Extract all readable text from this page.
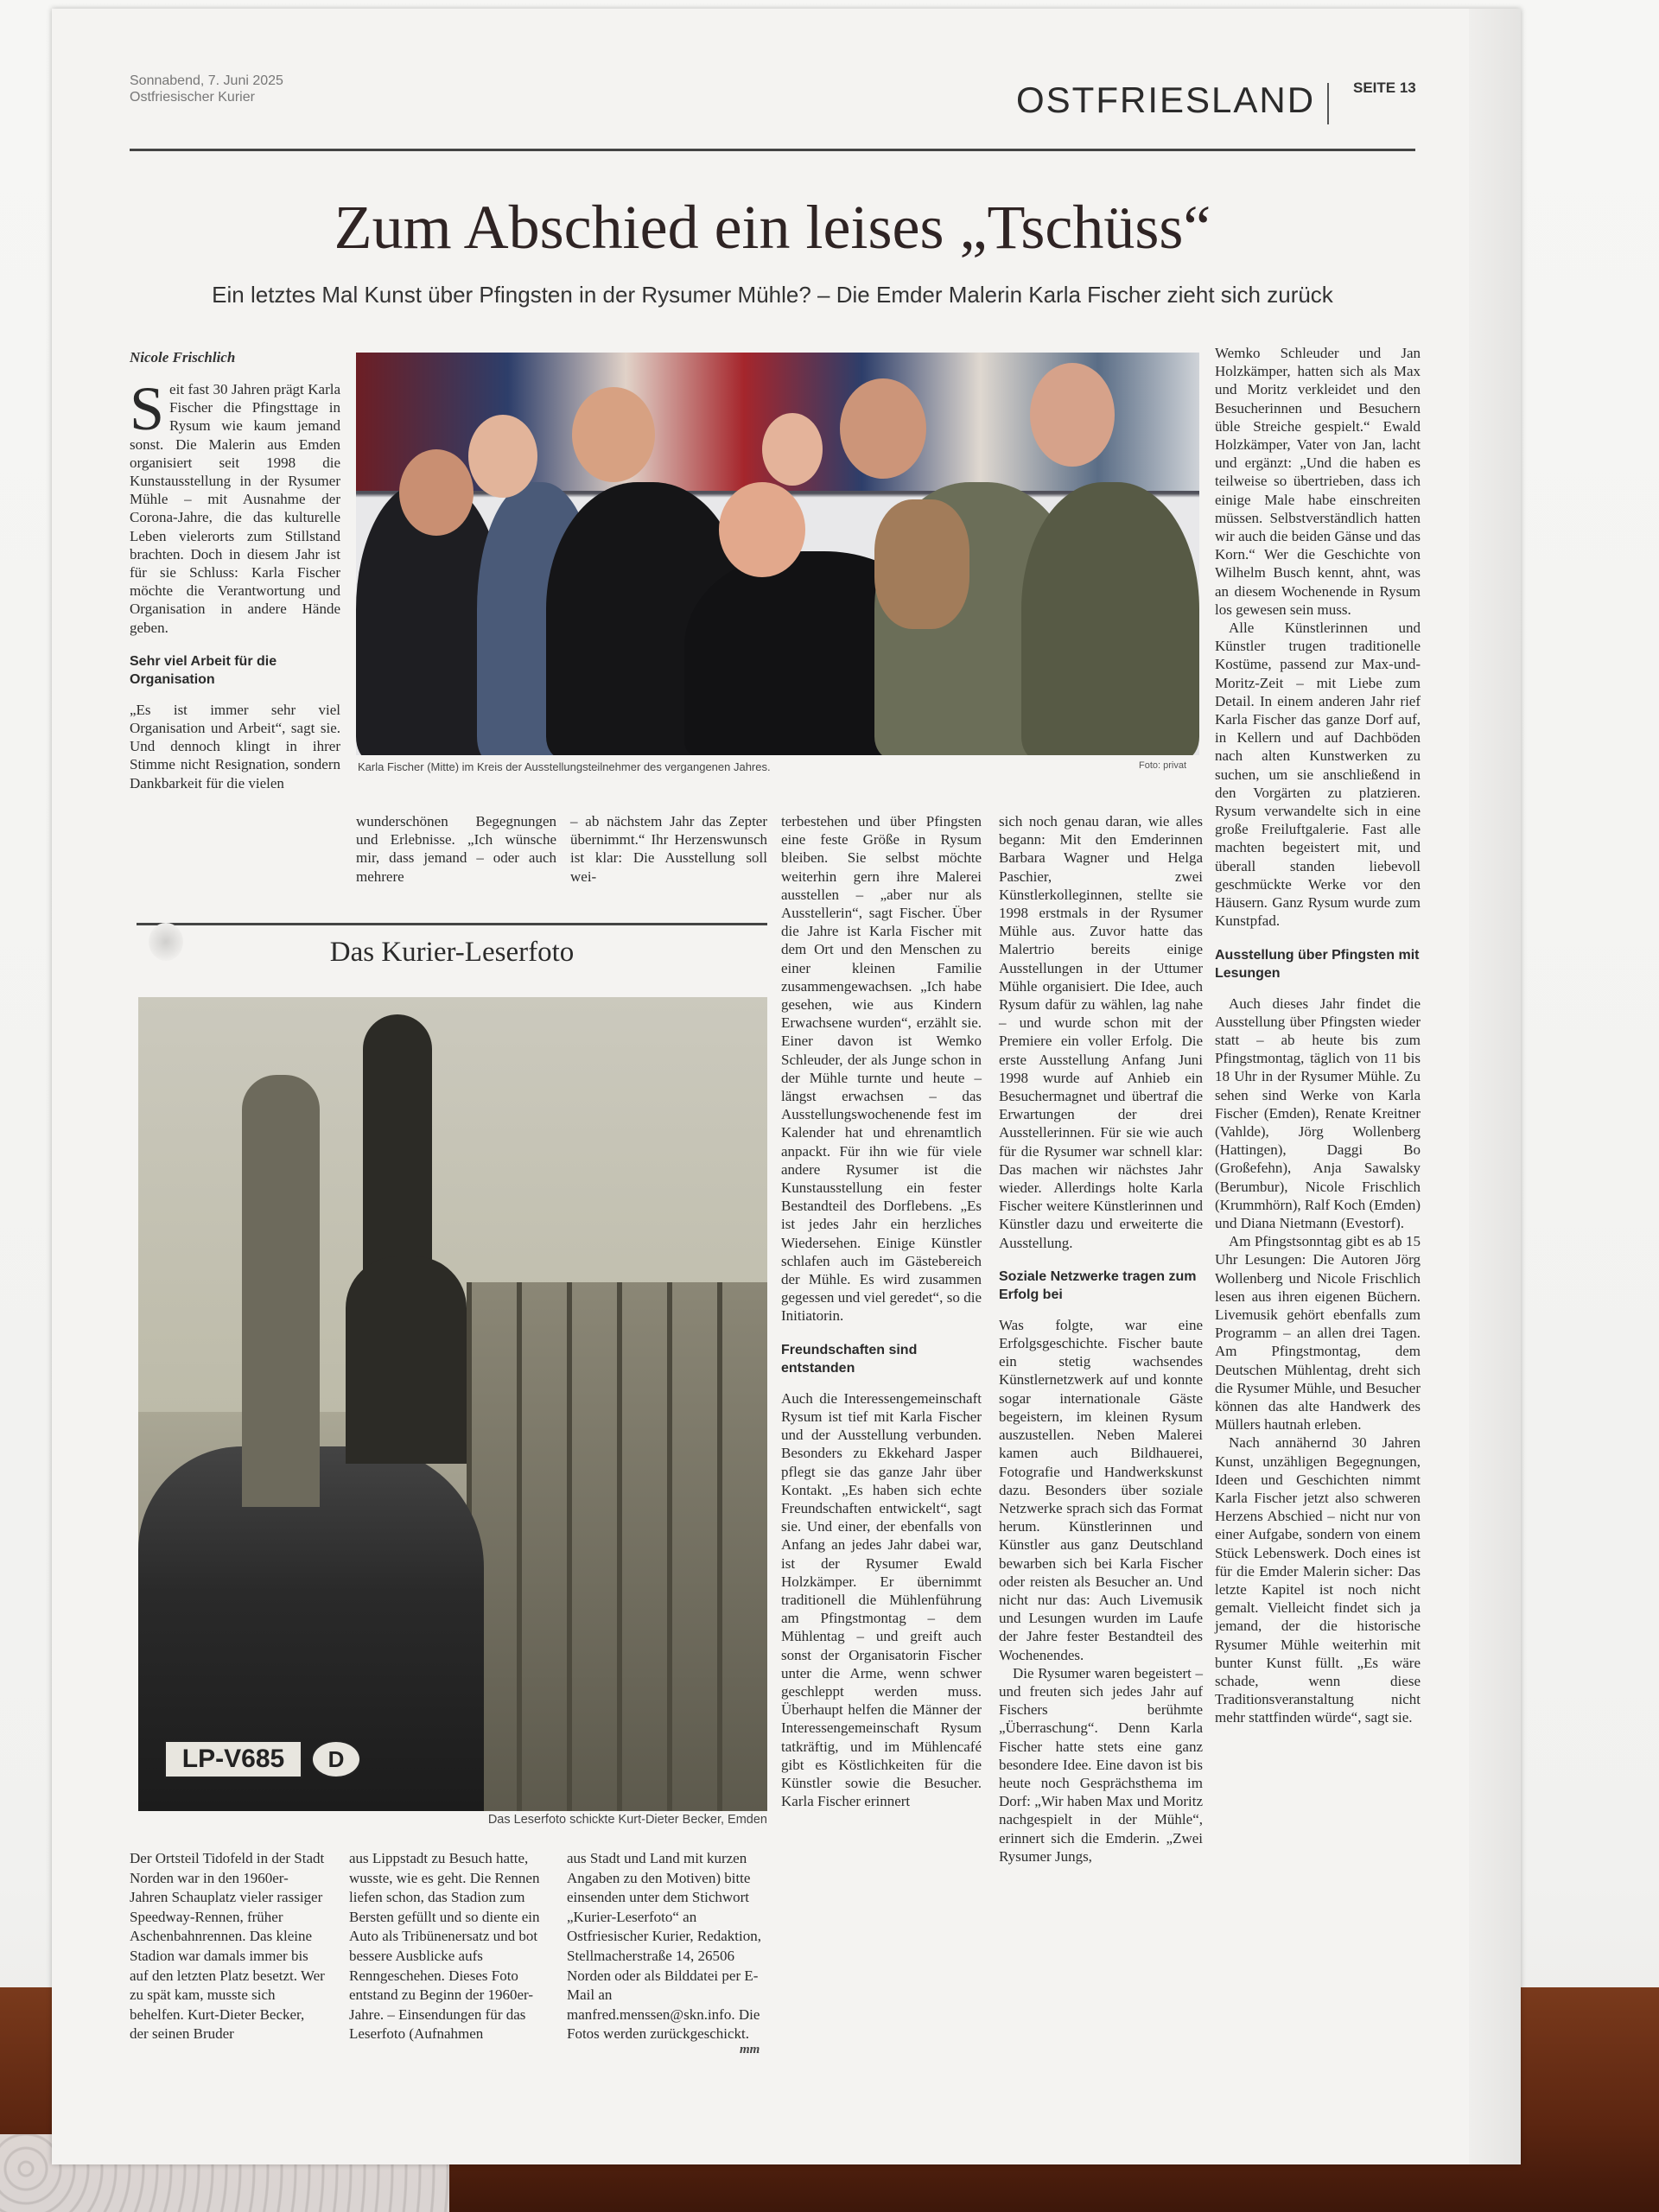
Sonnabend, 7. Juni 2025
Ostfriesischer Kurier	OSTFRIESLAND	SEITE 13
Zum Abschied ein leises „Tschüss“
Ein letztes Mal Kunst über Pfingsten in der Rysumer Mühle? – Die Emder Malerin Karla Fischer zieht sich zurück
Nicole Frischlich
S eit fast 30 Jahren prägt Karla Fischer die Pfingsttage in Rysum wie kaum jemand sonst. Die Malerin aus Emden organisiert seit 1998 die Kunstausstellung in der Rysumer Mühle – mit Ausnahme der Corona-Jahre, die das kulturelle Leben vielerorts zum Stillstand brachten. Doch in diesem Jahr ist für sie Schluss: Karla Fischer möchte die Verantwortung und Organisation in andere Hände geben.

Sehr viel Arbeit für die Organisation

„Es ist immer sehr viel Organisation und Arbeit“, sagt sie. Und dennoch klingt in ihrer Stimme nicht Resignation, sondern Dankbarkeit für die vielen

Karla Fischer (Mitte) im Kreis der Ausstellungsteilnehmer des vergangenen Jahres.	Foto: privat

wunderschönen Begegnungen und Erlebnisse. „Ich wünsche mir, dass jemand – oder auch mehrere

– ab nächstem Jahr das Zepter übernimmt.“ Ihr Herzenswunsch ist klar: Die Ausstellung soll wei-

terbestehen und über Pfingsten eine feste Größe in Rysum bleiben. Sie selbst möchte weiterhin gern ihre Malerei ausstellen – „aber nur als Ausstellerin“, sagt Fischer. Über die Jahre ist Karla Fischer mit dem Ort und den Menschen zu einer kleinen Familie zusammengewachsen. „Ich habe gesehen, wie aus Kindern Erwachsene wurden“, erzählt sie. Einer davon ist Wemko Schleuder, der als Junge schon in der Mühle turnte und heute – längst erwachsen – das Ausstellungswochenende fest im Kalender hat und ehrenamtlich anpackt. Für ihn wie für viele andere Rysumer ist die Kunstausstellung ein fester Bestandteil des Dorflebens. „Es ist jedes Jahr ein herzliches Wiedersehen. Einige Künstler schlafen auch im Gästebereich der Mühle. Es wird zusammen gegessen und viel geredet“, so die Initiatorin.

Freundschaften sind entstanden

Auch die Interessengemeinschaft Rysum ist tief mit Karla Fischer und der Ausstellung verbunden. Besonders zu Ekkehard Jasper pflegt sie das ganze Jahr über Kontakt. „Es haben sich echte Freundschaften entwickelt“, sagt sie. Und einer, der ebenfalls von Anfang an jedes Jahr dabei war, ist der Rysumer Ewald Holzkämper. Er übernimmt traditionell die Mühlenführung am Pfingstmontag – dem Mühlentag – und greift auch sonst der Organisatorin Fischer unter die Arme, wenn schwer geschleppt werden muss. Überhaupt helfen die Männer der Interessengemeinschaft Rysum tatkräftig, und im Mühlencafé gibt es Köstlichkeiten für die Künstler sowie die Besucher. Karla Fischer erinnert

sich noch genau daran, wie alles begann: Mit den Emderinnen Barbara Wagner und Helga Paschier, zwei Künstlerkolleginnen, stellte sie 1998 erstmals in der Rysumer Mühle aus. Zuvor hatte das Malertrio bereits einige Ausstellungen in der Uttumer Mühle organisiert. Die Idee, auch Rysum dafür zu wählen, lag nahe – und wurde schon mit der Premiere ein voller Erfolg. Die erste Ausstellung Anfang Juni 1998 wurde auf Anhieb ein Besuchermagnet und übertraf die Erwartungen der drei Ausstellerinnen. Für sie wie auch für die Rysumer war schnell klar: Das machen wir nächstes Jahr wieder. Allerdings holte Karla Fischer weitere Künstlerinnen und Künstler dazu und erweiterte die Ausstellung.

Soziale Netzwerke tragen zum Erfolg bei

Was folgte, war eine Erfolgsgeschichte. Fischer baute ein stetig wachsendes Künstlernetzwerk auf und konnte sogar internationale Gäste begeistern, im kleinen Rysum auszustellen. Neben Malerei kamen auch Bildhauerei, Fotografie und Handwerkskunst dazu. Besonders über soziale Netzwerke sprach sich das Format herum. Künstlerinnen und Künstler aus ganz Deutschland bewarben sich bei Karla Fischer oder reisten als Besucher an. Und nicht nur das: Auch Livemusik und Lesungen wurden im Laufe der Jahre fester Bestandteil des Wochenendes.

Die Rysumer waren begeistert – und freuten sich jedes Jahr auf Fischers berühmte „Überraschung“. Denn Karla Fischer hatte stets eine ganz besondere Idee. Eine davon ist bis heute noch Gesprächsthema im Dorf: „Wir haben Max und Moritz nachgespielt in der Mühle“, erinnert sich die Emderin. „Zwei Rysumer Jungs,

Wemko Schleuder und Jan Holzkämper, hatten sich als Max und Moritz verkleidet und den Besucherinnen und Besuchern üble Streiche gespielt.“ Ewald Holzkämper, Vater von Jan, lacht und ergänzt: „Und die haben es teilweise so übertrieben, dass ich einige Male habe einschreiten müssen. Selbstverständlich hatten wir auch die beiden Gänse und das Korn.“ Wer die Geschichte von Wilhelm Busch kennt, ahnt, was an diesem Wochenende in Rysum los gewesen sein muss.

Alle Künstlerinnen und Künstler trugen traditionelle Kostüme, passend zur Max-und-Moritz-Zeit – mit Liebe zum Detail. In einem anderen Jahr rief Karla Fischer das ganze Dorf auf, in Kellern und auf Dachböden nach alten Kunstwerken zu suchen, um sie anschließend in den Vorgärten zu platzieren. Rysum verwandelte sich in eine große Freiluftgalerie. Fast alle machten begeistert mit, und überall standen liebevoll geschmückte Werke vor den Häusern. Ganz Rysum wurde zum Kunstpfad.

Ausstellung über Pfingsten mit Lesungen

Auch dieses Jahr findet die Ausstellung über Pfingsten wieder statt – ab heute bis zum Pfingstmontag, täglich von 11 bis 18 Uhr in der Rysumer Mühle. Zu sehen sind Werke von Karla Fischer (Emden), Renate Kreitner (Vahlde), Jörg Wollenberg (Hattingen), Daggi Bo (Großefehn), Anja Sawalsky (Berumbur), Nicole Frischlich (Krummhörn), Ralf Koch (Emden) und Diana Nietmann (Evestorf).

Am Pfingstsonntag gibt es ab 15 Uhr Lesungen: Die Autoren Jörg Wollenberg und Nicole Frischlich lesen aus ihren eigenen Büchern. Livemusik gehört ebenfalls zum Programm – an allen drei Tagen. Am Pfingstmontag, dem Deutschen Mühlentag, dreht sich die Rysumer Mühle, und Besucher können das alte Handwerk des Müllers hautnah erleben.

Nach annähernd 30 Jahren Kunst, unzähligen Begegnungen, Ideen und Geschichten nimmt Karla Fischer jetzt also schweren Herzens Abschied – nicht nur von einer Aufgabe, sondern von einem Stück Lebenswerk. Doch eines ist für die Emder Malerin sicher: Das letzte Kapitel ist noch nicht gemalt. Vielleicht findet sich ja jemand, der die historische Rysumer Mühle weiterhin mit bunter Kunst füllt. „Es wäre schade, wenn diese Traditionsveranstaltung nicht mehr stattfinden würde“, sagt sie.

Das Kurier-Leserfoto
LP-V685	D
Das Leserfoto schickte Kurt-Dieter Becker, Emden
Der Ortsteil Tidofeld in der Stadt Norden war in den 1960er-Jahren Schauplatz vieler rassiger Speedway-Rennen, früher Aschenbahnrennen. Das kleine Stadion war damals immer bis auf den letzten Platz besetzt. Wer zu spät kam, musste sich behelfen. Kurt-Dieter Becker, der seinen Bruder
aus Lippstadt zu Besuch hatte, wusste, wie es geht. Die Rennen liefen schon, das Stadion zum Bersten gefüllt und so diente ein Auto als Tribünenersatz und bot bessere Ausblicke aufs Renngeschehen. Dieses Foto entstand zu Beginn der 1960er-Jahre. – Einsendungen für das Leserfoto (Aufnahmen
aus Stadt und Land mit kurzen Angaben zu den Motiven) bitte einsenden unter dem Stichwort „Kurier-Leserfoto“ an Ostfriesischer Kurier, Redaktion, Stellmacherstraße 14, 26506 Norden oder als Bilddatei per E-Mail an manfred.menssen@skn.info. Die Fotos werden zurückgeschickt.
mm
